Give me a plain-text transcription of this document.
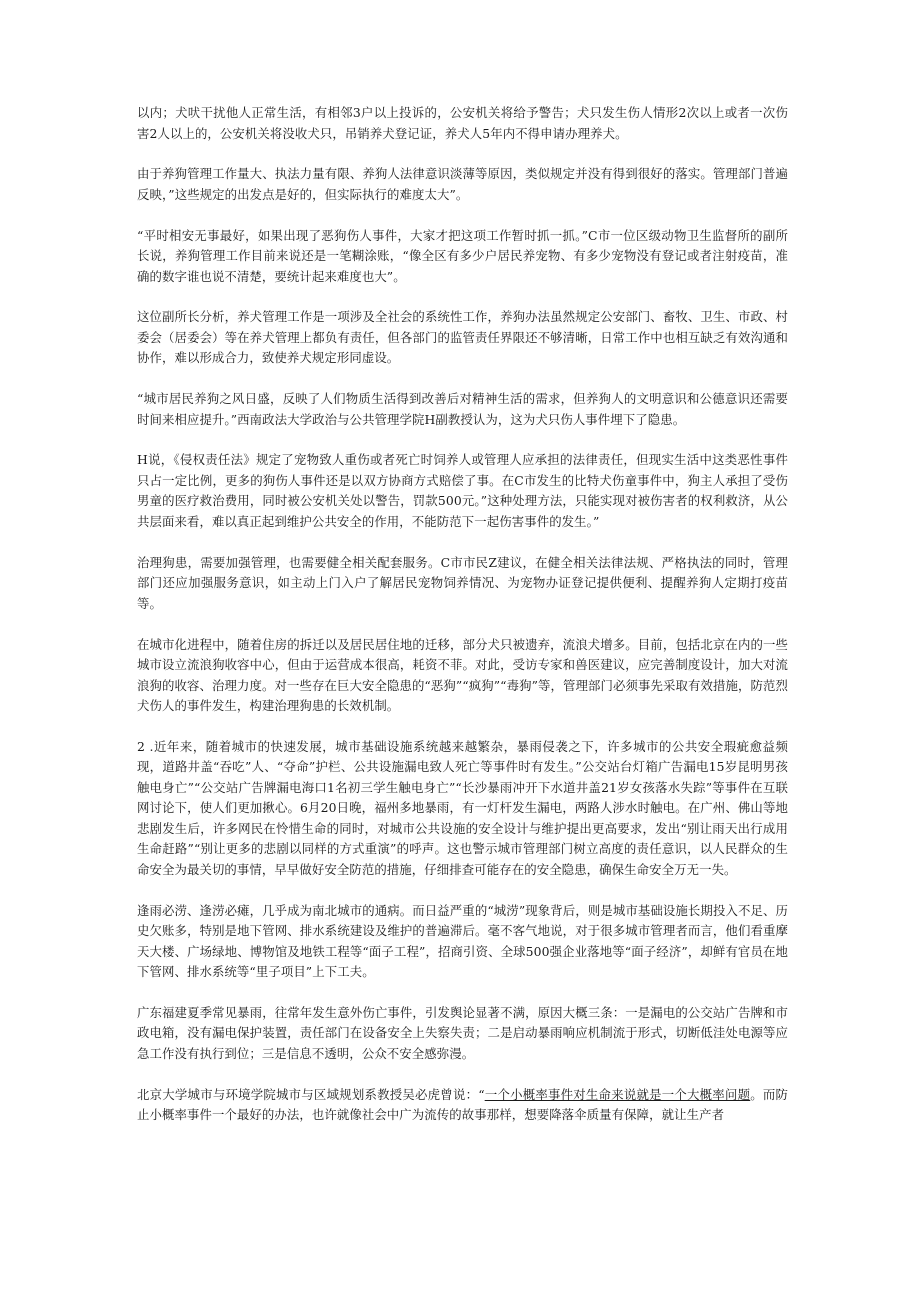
以内；犬吠干扰他人正常生活，有相邻3户以上投诉的，公安机关将给予警告；犬只发生伤人情形2次以上或者一次伤害2人以上的，公安机关将没收犬只，吊销养犬登记证，养犬人5年内不得申请办理养犬。

由于养狗管理工作量大、执法力量有限、养狗人法律意识淡薄等原因，类似规定并没有得到很好的落实。管理部门普遍反映，”这些规定的出发点是好的，但实际执行的难度太大”。

“平时相安无事最好，如果出现了恶狗伤人事件，大家才把这项工作暂时抓一抓。”C市一位区级动物卫生监督所的副所长说，养狗管理工作目前来说还是一笔糊涂账，“像全区有多少户居民养宠物、有多少宠物没有登记或者注射疫苗，准确的数字谁也说不清楚，要统计起来难度也大”。

这位副所长分析，养犬管理工作是一项涉及全社会的系统性工作，养狗办法虽然规定公安部门、畜牧、卫生、市政、村委会（居委会）等在养犬管理上都负有责任，但各部门的监管责任界限还不够清晰，日常工作中也相互缺乏有效沟通和协作，难以形成合力，致使养犬规定形同虚设。

“城市居民养狗之风日盛，反映了人们物质生活得到改善后对精神生活的需求，但养狗人的文明意识和公德意识还需要时间来相应提升。”西南政法大学政治与公共管理学院H副教授认为，这为犬只伤人事件埋下了隐患。

H说，《侵权责任法》规定了宠物致人重伤或者死亡时饲养人或管理人应承担的法律责任，但现实生活中这类恶性事件只占一定比例，更多的狗伤人事件还是以双方协商方式赔偿了事。在C市发生的比特犬伤童事件中，狗主人承担了受伤男童的医疗救治费用，同时被公安机关处以警告，罚款500元。”这种处理方法，只能实现对被伤害者的权利救济，从公共层面来看，难以真正起到维护公共安全的作用，不能防范下一起伤害事件的发生。”

治理狗患，需要加强管理，也需要健全相关配套服务。C市市民Z建议，在健全相关法律法规、严格执法的同时，管理部门还应加强服务意识，如主动上门入户了解居民宠物饲养情况、为宠物办证登记提供便利、提醒养狗人定期打疫苗等。

在城市化进程中，随着住房的拆迁以及居民居住地的迁移，部分犬只被遗弃，流浪犬增多。目前，包括北京在内的一些城市设立流浪狗收容中心，但由于运营成本很高，耗资不菲。对此，受访专家和兽医建议，应完善制度设计，加大对流浪狗的收容、治理力度。对一些存在巨大安全隐患的“恶狗”“疯狗”“毒狗”等，管理部门必须事先采取有效措施，防范烈犬伤人的事件发生，构建治理狗患的长效机制。

2 .近年来，随着城市的快速发展，城市基础设施系统越来越繁杂，暴雨侵袭之下，许多城市的公共安全瑕疵愈益频现，道路井盖“吞吃”人、“夺命”护栏、公共设施漏电致人死亡等事件时有发生。”公交站台灯箱广告漏电15岁昆明男孩触电身亡”“公交站广告牌漏电海口1名初三学生触电身亡”“长沙暴雨冲开下水道井盖21岁女孩落水失踪”等事件在互联网讨论下，使人们更加揪心。6月20日晚，福州多地暴雨，有一灯杆发生漏电，两路人涉水时触电。在广州、佛山等地悲剧发生后，许多网民在怜惜生命的同时，对城市公共设施的安全设计与维护提出更高要求，发出“别让雨天出行成用生命赶路”“别让更多的悲剧以同样的方式重演”的呼声。这也警示城市管理部门树立高度的责任意识，以人民群众的生命安全为最关切的事情，早早做好安全防范的措施，仔细排查可能存在的安全隐患，确保生命安全万无一失。

逢雨必涝、逢涝必瘫，几乎成为南北城市的通病。而日益严重的“城涝”现象背后，则是城市基础设施长期投入不足、历史欠账多，特别是地下管网、排水系统建设及维护的普遍滞后。毫不客气地说，对于很多城市管理者而言，他们看重摩天大楼、广场绿地、博物馆及地铁工程等“面子工程”，招商引资、全球500强企业落地等“面子经济”，却鲜有官员在地下管网、排水系统等“里子项目”上下工夫。

广东福建夏季常见暴雨，往常年发生意外伤亡事件，引发舆论显著不满，原因大概三条：一是漏电的公交站广告牌和市政电箱，没有漏电保护装置，责任部门在设备安全上失察失责；二是启动暴雨响应机制流于形式，切断低洼处电源等应急工作没有执行到位；三是信息不透明，公众不安全感弥漫。

北京大学城市与环境学院城市与区域规划系教授吴必虎曾说：“一个小概率事件对生命来说就是一个大概率问题。而防止小概率事件一个最好的办法，也许就像社会中广为流传的故事那样，想要降落伞质量有保障，就让生产者
